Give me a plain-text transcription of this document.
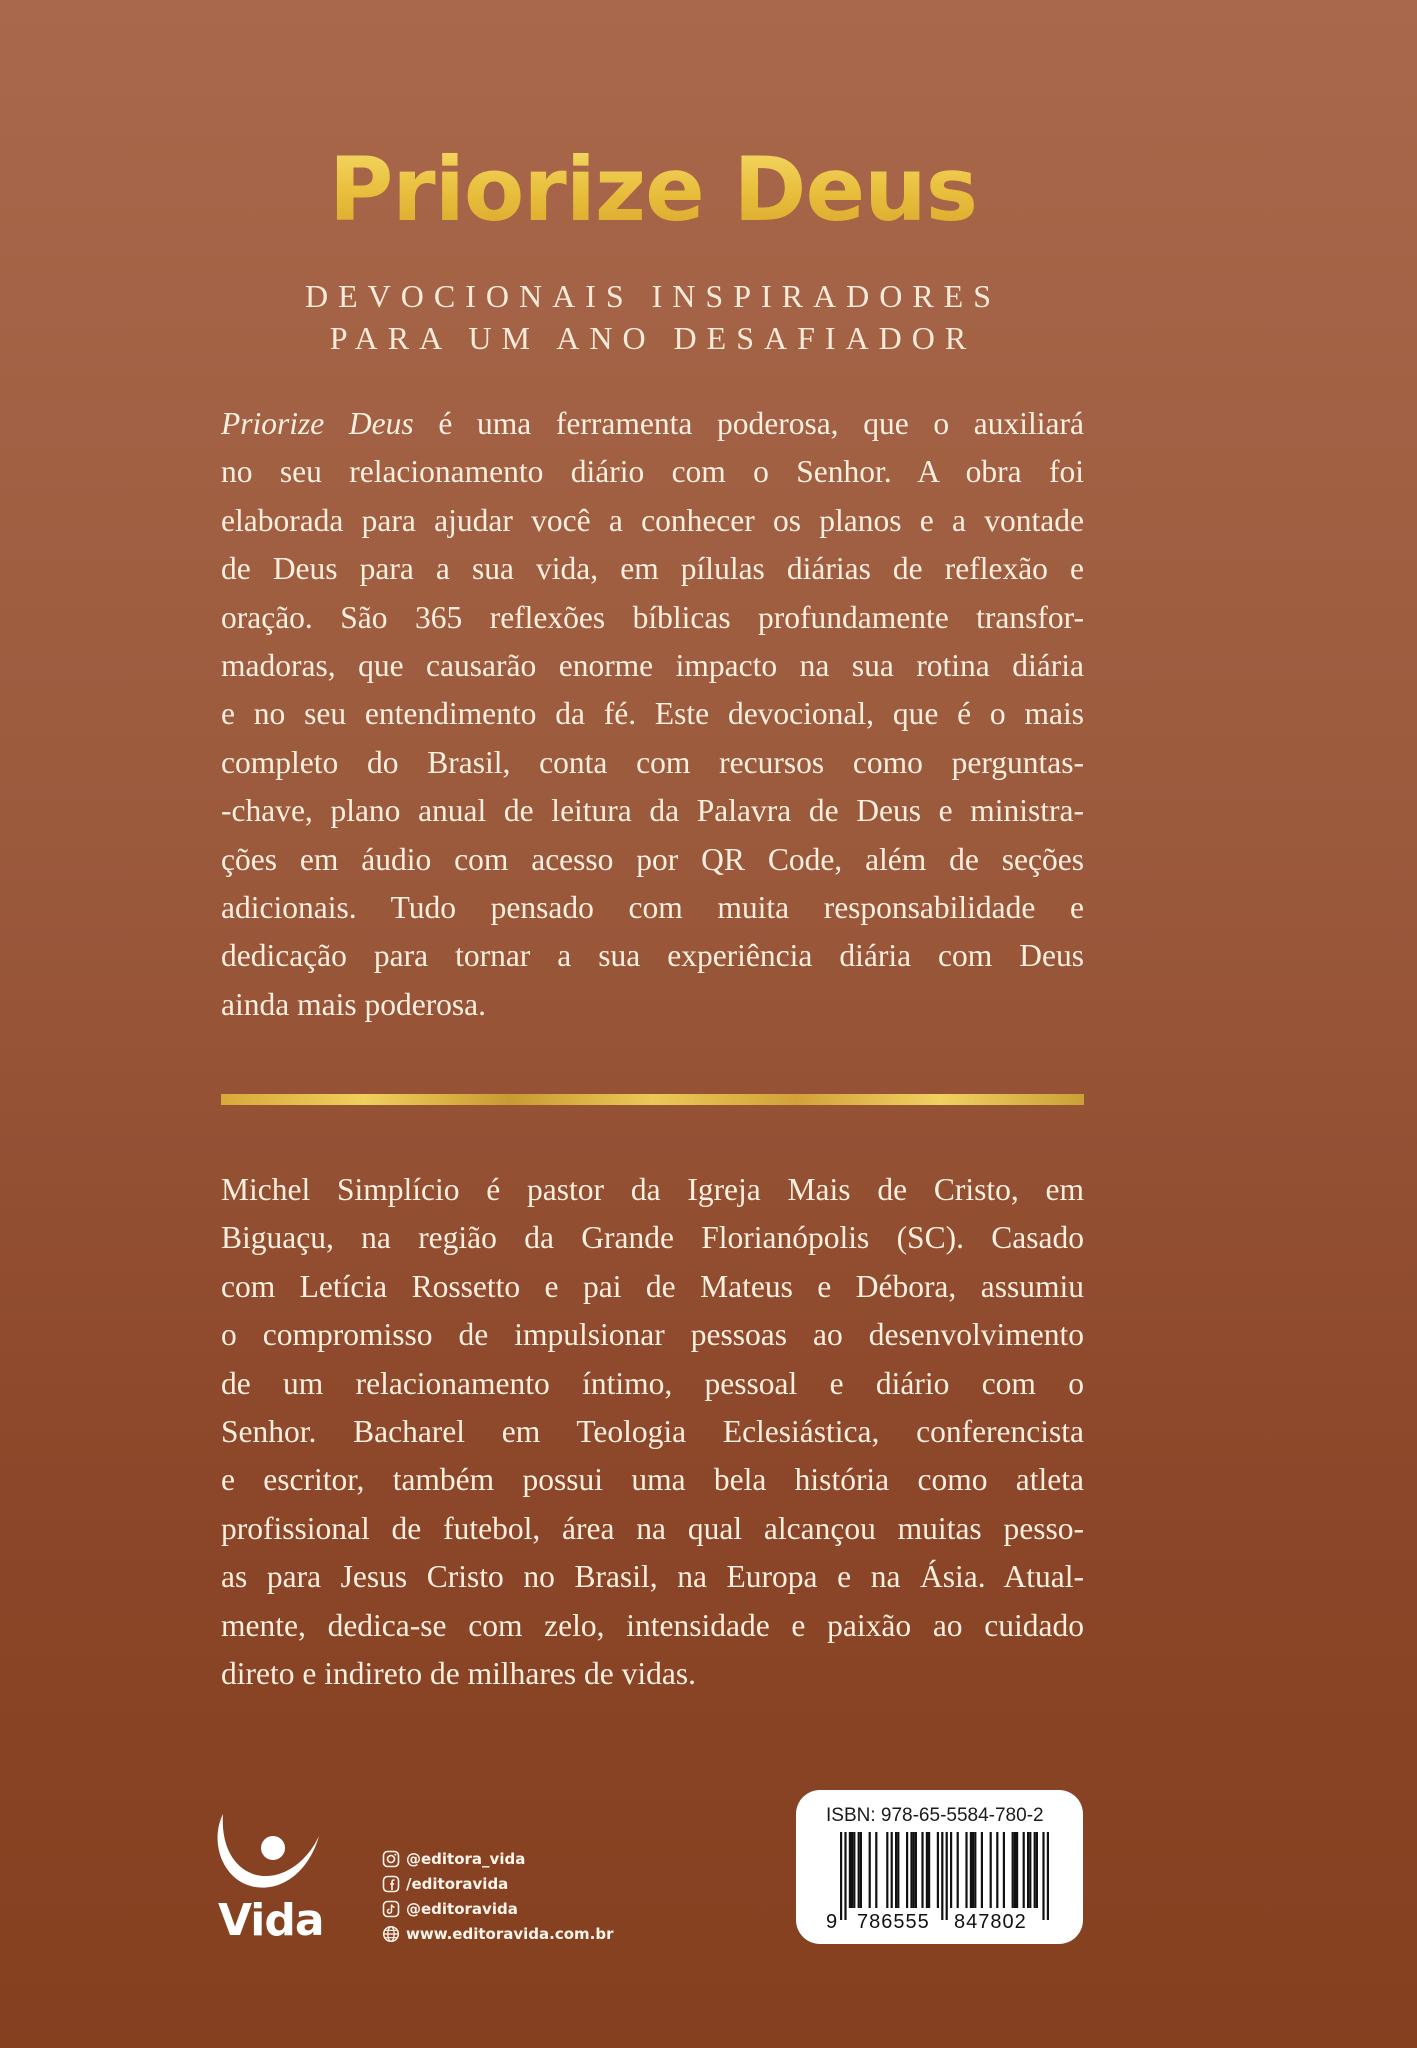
Priorize Deus
DEVOCIONAIS INSPIRADORES
PARA UM ANO DESAFIADOR
Priorize Deus é uma ferramenta poderosa, que o auxiliará
no seu relacionamento diário com o Senhor. A obra foi
elaborada para ajudar você a conhecer os planos e a vontade
de Deus para a sua vida, em pílulas diárias de reflexão e
oração. São 365 reflexões bíblicas profundamente transfor-
madoras, que causarão enorme impacto na sua rotina diária
e no seu entendimento da fé. Este devocional, que é o mais
completo do Brasil, conta com recursos como perguntas-
-chave, plano anual de leitura da Palavra de Deus e ministra-
ções em áudio com acesso por QR Code, além de seções
adicionais. Tudo pensado com muita responsabilidade e
dedicação para tornar a sua experiência diária com Deus
ainda mais poderosa.
Michel Simplício é pastor da Igreja Mais de Cristo, em
Biguaçu, na região da Grande Florianópolis (SC). Casado
com Letícia Rossetto e pai de Mateus e Débora, assumiu
o compromisso de impulsionar pessoas ao desenvolvimento
de um relacionamento íntimo, pessoal e diário com o
Senhor. Bacharel em Teologia Eclesiástica, conferencista
e escritor, também possui uma bela história como atleta
profissional de futebol, área na qual alcançou muitas pesso-
as para Jesus Cristo no Brasil, na Europa e na Ásia. Atual-
mente, dedica-se com zelo, intensidade e paixão ao cuidado
direto e indireto de milhares de vidas.
Vida
@editora_vida
/editoravida
@editoravida
www.editoravida.com.br
ISBN: 978-65-5584-780-2
9 786555 847802
